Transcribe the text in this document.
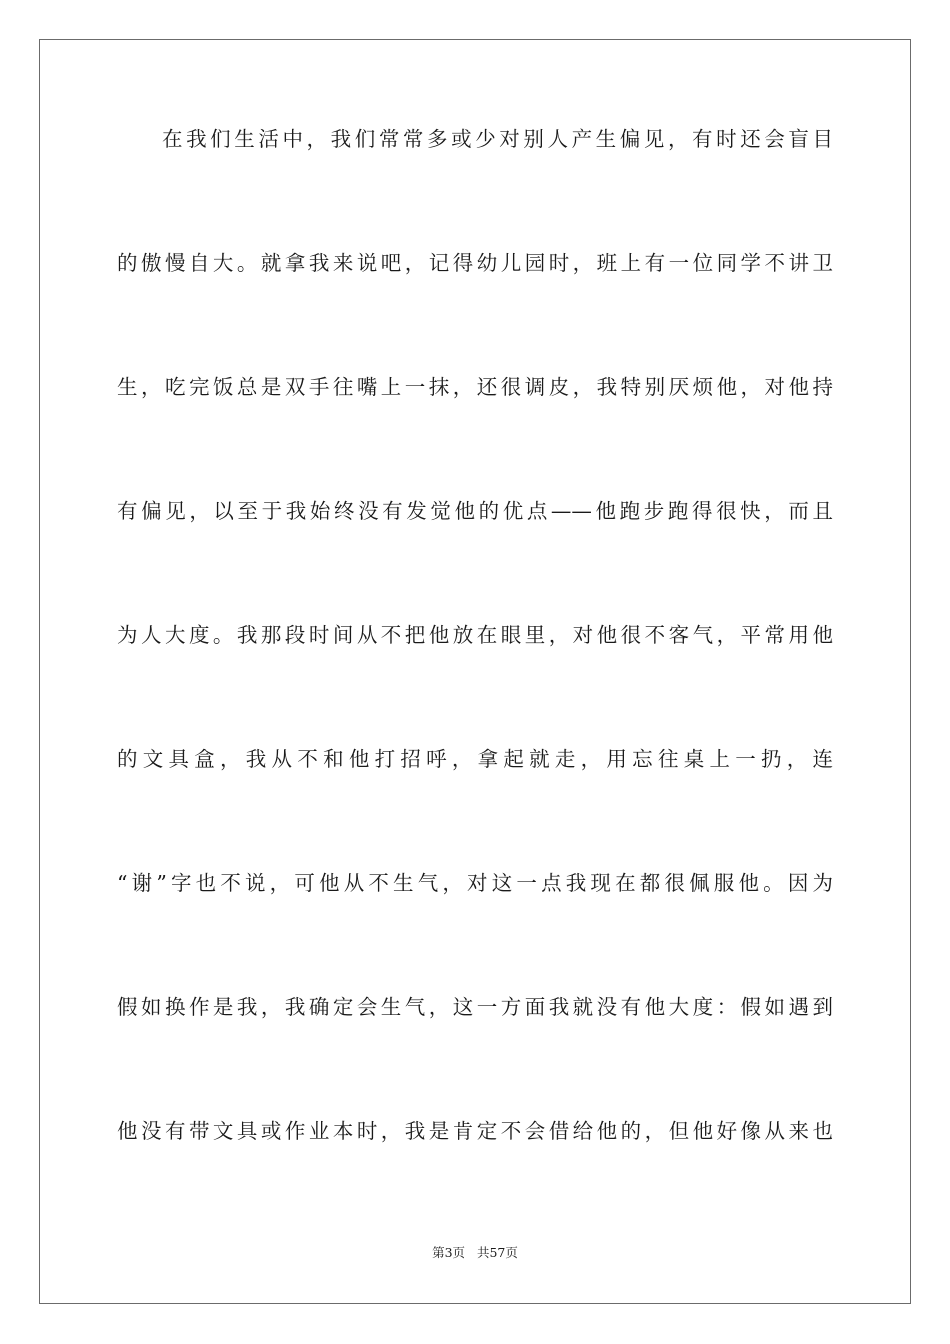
在我们生活中，我们常常多或少对别人产生偏见，有时还会盲目

的傲慢自大。就拿我来说吧，记得幼儿园时，班上有一位同学不讲卫

生，吃完饭总是双手往嘴上一抹，还很调皮，我特别厌烦他，对他持

有偏见，以至于我始终没有发觉他的优点——他跑步跑得很快，而且

为人大度。我那段时间从不把他放在眼里，对他很不客气，平常用他

的文具盒，我从不和他打招呼，拿起就走，用忘往桌上一扔，连

“谢”字也不说，可他从不生气，对这一点我现在都很佩服他。因为

假如换作是我，我确定会生气，这一方面我就没有他大度：假如遇到

他没有带文具或作业本时，我是肯定不会借给他的，但他好像从来也

第3页 共57页
